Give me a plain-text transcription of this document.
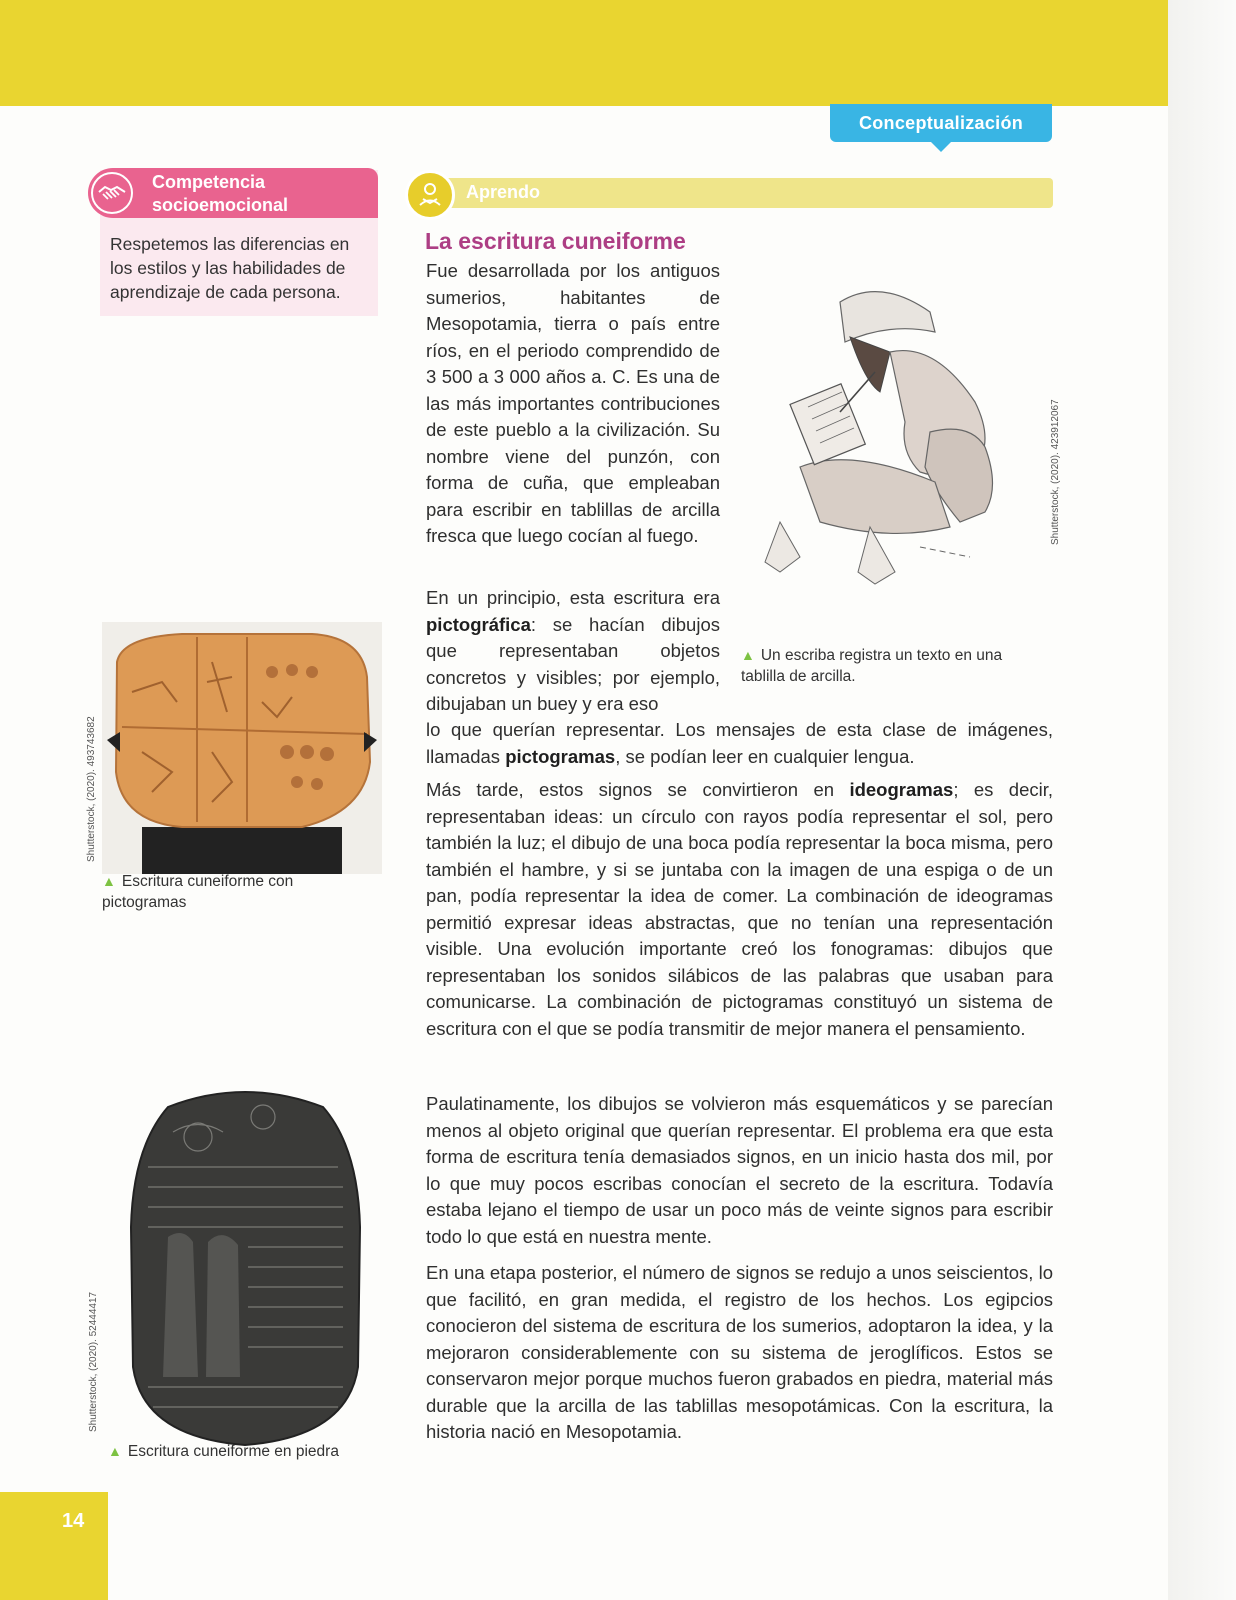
Conceptualización
Competencia
socioemocional
Respetemos las diferencias en los estilos y las habilidades de aprendizaje de cada persona.
Aprendo
La escritura cuneiforme

Fue desarrollada por los antiguos sumerios, habitantes de Mesopotamia, tierra o país entre ríos, en el periodo comprendido de 3 500 a 3 000 años a. C. Es una de las más importantes contribuciones de este pueblo a la civilización. Su nombre viene del punzón, con forma de cuña, que empleaban para escribir en tablillas de arcilla fresca que luego cocían al fuego.

En un principio, esta escritura era pictográfica: se hacían dibujos que representaban objetos concretos y visibles; por ejemplo, dibujaban un buey y era eso

lo que querían representar. Los mensajes de esta clase de imágenes, llamadas pictogramas, se podían leer en cualquier lengua.

Más tarde, estos signos se convirtieron en ideogramas; es decir, representaban ideas: un círculo con rayos podía representar el sol, pero también la luz; el dibujo de una boca podía representar la boca misma, pero también el hambre, y si se juntaba con la imagen de una espiga o de un pan, podía representar la idea de comer. La combinación de ideogramas permitió expresar ideas abstractas, que no tenían una representación visible. Una evolución importante creó los fonogramas: dibujos que representaban los sonidos silábicos de las palabras que usaban para comunicarse. La combinación de pictogramas constituyó un sistema de escritura con el que se podía transmitir de mejor manera el pensamiento.

Paulatinamente, los dibujos se volvieron más esquemáticos y se parecían menos al objeto original que querían representar. El problema era que esta forma de escritura tenía demasiados signos, en un inicio hasta dos mil, por lo que muy pocos escribas conocían el secreto de la escritura. Todavía estaba lejano el tiempo de usar un poco más de veinte signos para escribir todo lo que está en nuestra mente.

En una etapa posterior, el número de signos se redujo a unos seiscientos, lo que facilitó, en gran medida, el registro de los hechos. Los egipcios conocieron del sistema de escritura de los sumerios, adoptaron la idea, y la mejoraron considerablemente con su sistema de jeroglíficos. Estos se conservaron mejor porque muchos fueron grabados en piedra, material más durable que la arcilla de las tablillas mesopotámicas. Con la escritura, la historia nació en Mesopotamia.

▲ Un escriba registra un texto en una tablilla de arcilla.
Shutterstock, (2020). 423912067
▲ Escritura cuneiforme con pictogramas
Shutterstock, (2020). 493743682
▲ Escritura cuneiforme en piedra
Shutterstock, (2020). 52444417
14
